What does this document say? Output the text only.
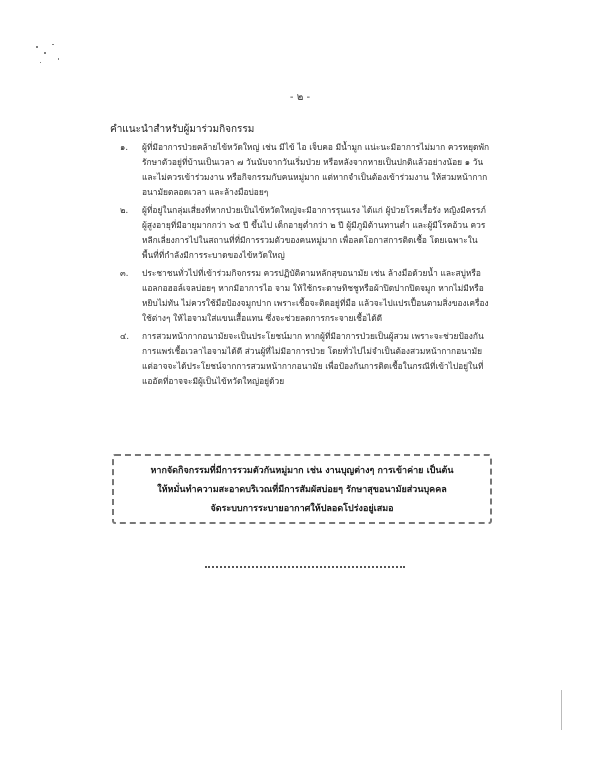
- ๒ -
คำแนะนำสำหรับผู้มาร่วมกิจกรรม
๑.	ผู้ที่มีอาการป่วยคล้ายไข้หวัดใหญ่ เช่น มีไข้ ไอ เจ็บคอ มีน้ำมูก แน่ะนะมีอาการไม่มาก ควรหยุดพักรักษาตัวอยู่ที่บ้านเป็นเวลา ๗ วันนับจากวันเริ่มป่วย หรือหลังจากหายเป็นปกติแล้วอย่างน้อย ๑ วัน และไม่ควรเข้าร่วมงาน หรือกิจกรรมกับคนหมู่มาก แต่หากจำเป็นต้องเข้าร่วมงาน ให้สวมหน้ากากอนามัยตลอดเวลา และล้างมือบ่อยๆ
๒.	ผู้ที่อยู่ในกลุ่มเสี่ยงที่หากป่วยเป็นไข้หวัดใหญ่จะมีอาการรุนแรง ได้แก่ ผู้ป่วยโรคเรื้อรัง หญิงมีครรภ์ ผู้สูงอายุที่มีอายุมากกว่า ๖๕ ปี ขึ้นไป เด็กอายุต่ำกว่า ๒ ปี ผู้มีภูมิต้านทานต่ำ และผู้มีโรคอ้วน ควรหลีกเลี่ยงการไปในสถานที่ที่มีการรวมตัวของคนหมู่มาก เพื่อลดโอกาสการติดเชื้อ โดยเฉพาะในพื้นที่ที่กำลังมีการระบาดของไข้หวัดใหญ่
๓.	ประชาชนทั่วไปที่เข้าร่วมกิจกรรม ควรปฏิบัติตามหลักสุขอนามัย เช่น ล้างมือด้วยน้ำ และสบู่หรือแอลกอฮอล์เจลบ่อยๆ หากมีอาการไอ จาม ให้ใช้กระดาษทิชชูหรือผ้าปิดปากปิดจมูก หากไม่มีหรือหยิบไม่ทัน ไม่ควรใช้มือป้องจมูกปาก เพราะเชื้อจะติดอยู่ที่มือ แล้วจะไปแปรเปื้อนตามสิ่งของเครื่องใช้ต่างๆ ให้ไอจามใส่แขนเสื้อแทน ซึ่งจะช่วยลดการกระจายเชื้อได้ดี
๔.	การสวมหน้ากากอนามัยจะเป็นประโยชน์มาก หากผู้ที่มีอาการป่วยเป็นผู้สวม เพราะจะช่วยป้องกันการแพร่เชื้อเวลาไอจามได้ดี ส่วนผู้ที่ไม่มีอาการป่วย โดยทั่วไปไม่จำเป็นต้องสวมหน้ากากอนามัย แต่อาจจะได้ประโยชน์จากการสวมหน้ากากอนามัย เพื่อป้องกันการติดเชื้อในกรณีที่เข้าไปอยู่ในที่แออัดที่อาจจะมีผู้เป็นไข้หวัดใหญ่อยู่ด้วย

หากจัดกิจกรรมที่มีการรวมตัวกันหมู่มาก เช่น งานบุญต่างๆ การเข้าค่าย เป็นต้น

ให้หมั่นทำความสะอาดบริเวณที่มีการสัมผัสบ่อยๆ รักษาสุขอนามัยส่วนบุคคล

จัดระบบการระบายอากาศให้ปลอดโปร่งอยู่เสมอ
